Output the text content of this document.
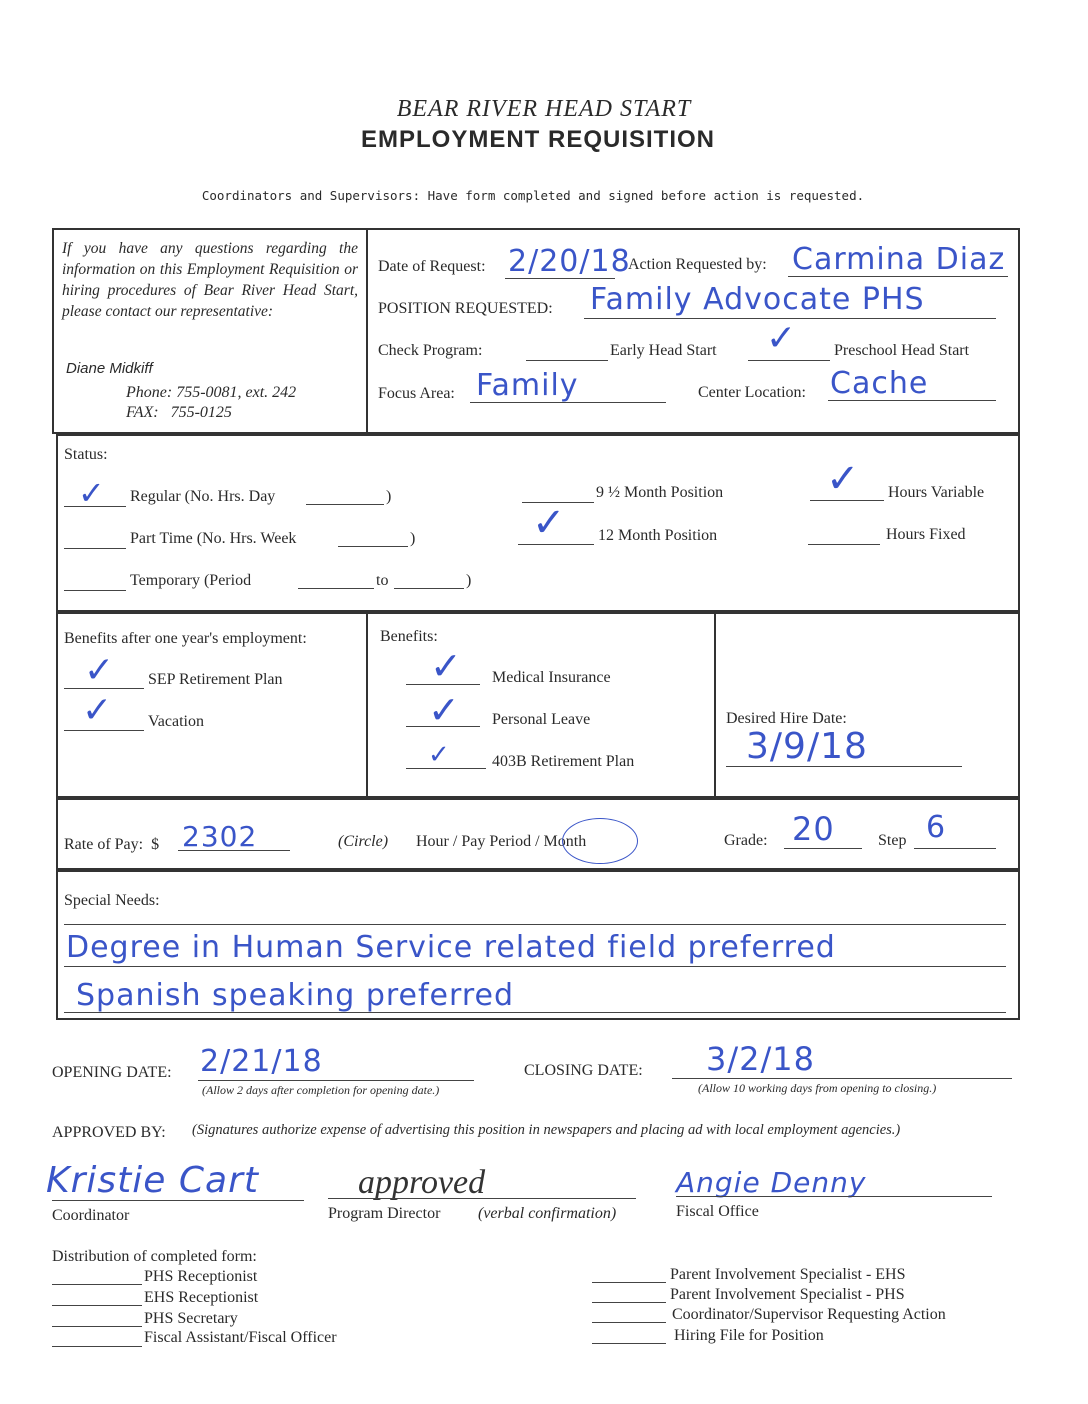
BEAR RIVER HEAD START
EMPLOYMENT REQUISITION
Coordinators and Supervisors: Have form completed and signed before action is requested.
If you have any questions regarding the information on this Employment Requisition or hiring procedures of Bear River Head Start, please contact our representative:
Diane Midkiff
Phone: 755-0081, ext. 242
FAX:   755-0125
Date of Request: 2/20/18
Action Requested by: Carmina Diaz
POSITION REQUESTED: Family Advocate PHS
Check Program:	Early Head Start ✓ Preschool Head Start
Focus Area: Family	Center Location: Cache
Status:
✓ Regular (No. Hrs. Day	)	9 ½ Month Position	✓ Hours Variable
Part Time (No. Hrs. Week	)	✓ 12 Month Position	Hours Fixed
Temporary (Period	to	)
Benefits after one year's employment:
✓ SEP Retirement Plan
✓ Vacation
Benefits:
✓ Medical Insurance
✓ Personal Leave
✓	403B Retirement Plan
Desired Hire Date:
3/9/18
Rate of Pay:  $ 2302	(Circle) Hour / Pay Period / Month	Grade: 20	Step 6
Special Needs:
Degree in Human Service related field preferred
Spanish speaking preferred
OPENING DATE: 2/21/18
(Allow 2 days after completion for opening date.)
CLOSING DATE: 3/2/18
(Allow 10 working days from opening to closing.)
APPROVED BY: (Signatures authorize expense of advertising this position in newspapers and placing ad with local employment agencies.)
Kristie Cart
Coordinator
approved
Program Director (verbal confirmation)
Angie Denny
Fiscal Office
Distribution of completed form:
PHS Receptionist
EHS Receptionist
PHS Secretary
Fiscal Assistant/Fiscal Officer
Parent Involvement Specialist - EHS
Parent Involvement Specialist - PHS
Coordinator/Supervisor Requesting Action
Hiring File for Position
